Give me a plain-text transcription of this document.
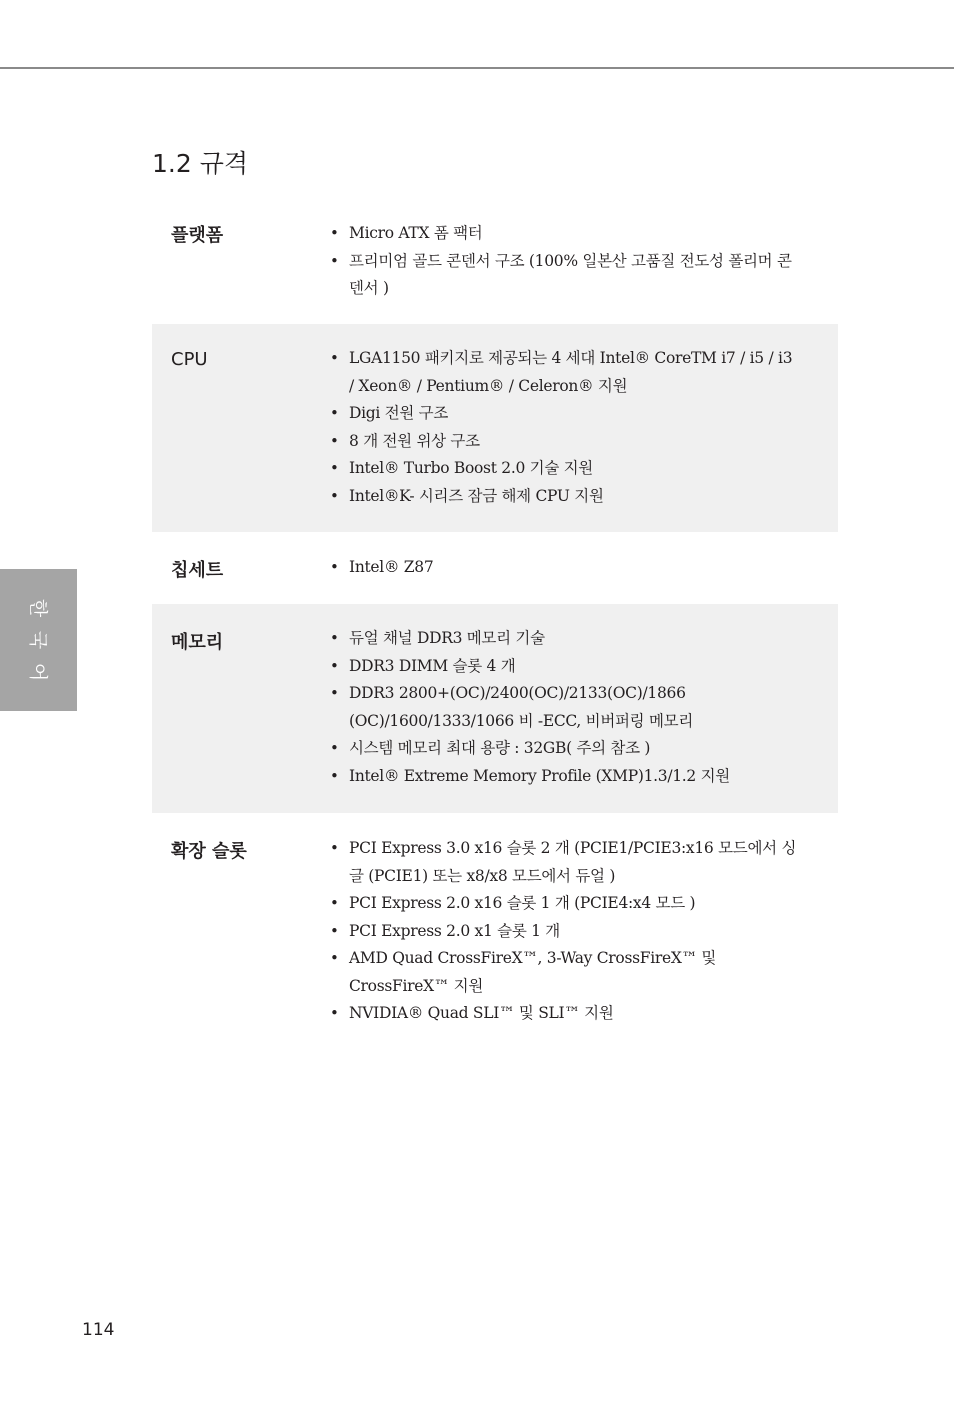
1.2 규격
한
국
어
플랫폼	• Micro ATX 폼 팩터
• 프리미엄 골드 콘덴서 구조 (100% 일본산 고품질 전도성 폴리머 콘덴서 )
CPU	• LGA1150 패키지로 제공되는 4 세대 Intel® CoreTM i7 / i5 / i3 / Xeon® / Pentium® / Celeron® 지원
• Digi 전원 구조
• 8 개 전원 위상 구조
• Intel® Turbo Boost 2.0 기술 지원
• Intel®K- 시리즈 잠금 해제 CPU 지원
칩세트	• Intel® Z87
메모리	• 듀얼 채널 DDR3 메모리 기술
• DDR3 DIMM 슬롯 4 개
• DDR3 2800+(OC)/2400(OC)/2133(OC)/1866 (OC)/1600/1333/1066 비 -ECC, 비버퍼링 메모리
• 시스템 메모리 최대 용량 : 32GB( 주의 참조 )
• Intel® Extreme Memory Profile (XMP)1.3/1.2 지원
확장 슬롯	• PCI Express 3.0 x16 슬롯 2 개 (PCIE1/PCIE3:x16 모드에서 싱글 (PCIE1) 또는 x8/x8 모드에서 듀얼 )
• PCI Express 2.0 x16 슬롯 1 개 (PCIE4:x4 모드 )
• PCI Express 2.0 x1 슬롯 1 개
• AMD Quad CrossFireX™, 3-Way CrossFireX™ 및 CrossFireX™ 지원
• NVIDIA® Quad SLI™ 및 SLI™ 지원
114
